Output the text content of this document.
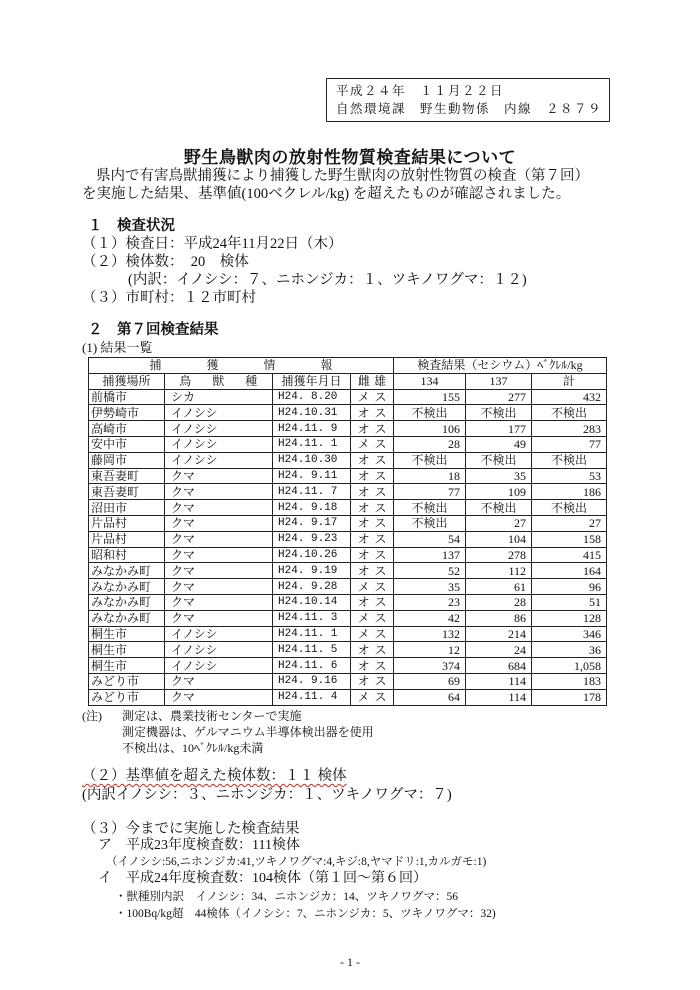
平成２４年　１１月２２日
自然環境課　野生動物係　内線　２８７９
野生鳥獣肉の放射性物質検査結果について
県内で有害鳥獣捕獲により捕獲した野生獣肉の放射性物質の検査（第７回）
を実施した結果、基準値(100ベクレル/kg) を超えたものが確認されました。
１　検査状況
（１）検査日：平成24年11月22日（木）
（２）検体数：　20　検体
(内訳：イノシシ：７、ニホンジカ：１、ツキノワグマ：１２)
（３）市町村：１２市町村
２　第７回検査結果
(1) 結果一覧
捕　　獲　　情　　報				検査結果（セシウム）ﾍﾞｸﾚﾙ/kg		
捕獲場所	鳥　獣　種	捕獲年月日	雌雄	134	137	計
前橋市	シカ	H24. 8.20	メス	155	277	432
伊勢崎市	イノシシ	H24.10.31	オス	不検出	不検出	不検出
高崎市	イノシシ	H24.11. 9	オス	106	177	283
安中市	イノシシ	H24.11. 1	メス	28	49	77
藤岡市	イノシシ	H24.10.30	オス	不検出	不検出	不検出
東吾妻町	クマ	H24. 9.11	オス	18	35	53
東吾妻町	クマ	H24.11. 7	オス	77	109	186
沼田市	クマ	H24. 9.18	オス	不検出	不検出	不検出
片品村	クマ	H24. 9.17	オス	不検出	27	27
片品村	クマ	H24. 9.23	オス	54	104	158
昭和村	クマ	H24.10.26	オス	137	278	415
みなかみ町	クマ	H24. 9.19	オス	52	112	164
みなかみ町	クマ	H24. 9.28	メス	35	61	96
みなかみ町	クマ	H24.10.14	オス	23	28	51
みなかみ町	クマ	H24.11. 3	メス	42	86	128
桐生市	イノシシ	H24.11. 1	メス	132	214	346
桐生市	イノシシ	H24.11. 5	オス	12	24	36
桐生市	イノシシ	H24.11. 6	オス	374	684	1,058
みどり市	クマ	H24. 9.16	オス	69	114	183
みどり市	クマ	H24.11. 4	メス	64	114	178
(注) 測定は、農業技術センターで実施
測定機器は、ゲルマニウム半導体検出器を使用
不検出は、10ﾍﾞｸﾚﾙ/kg未満
（２）基準値を超えた検体数：１１ 検体
(内訳イノシシ：３、ニホンジカ：１、ツキノワグマ：７)
（３）今までに実施した検査結果
ア　平成23年度検査数：111検体
（イノシシ:56,ニホンジカ:41,ツキノワグマ:4,キジ:8,ヤマドリ:1,カルガモ:1)
イ　平成24年度検査数：104検体（第１回～第６回）
・獣種別内訳　イノシシ：34、ニホンジカ：14、ツキノワグマ：56
・100Bq/kg超　44検体（イノシシ：7、ニホンジカ：5、ツキノワグマ：32)
- 1 -
